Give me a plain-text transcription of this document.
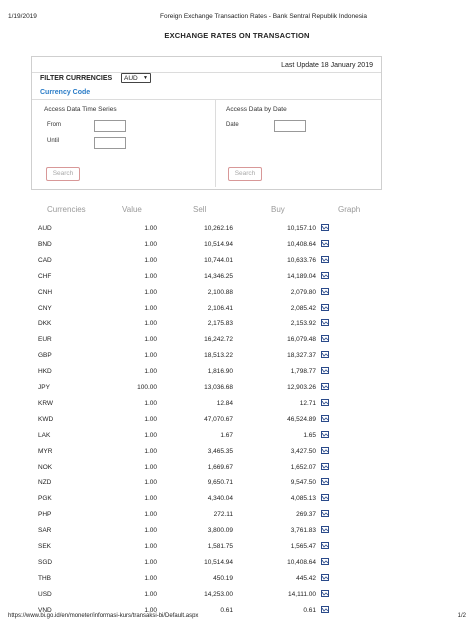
1/19/2019	Foreign Exchange Transaction Rates - Bank Sentral Republik Indonesia
EXCHANGE RATES ON TRANSACTION
Last Update 18 January 2019
FILTER CURRENCIES	AUD ▼
Currency Code
Access Data Time Series
From
Until
Search
Access Data by Date
Date
Search
Currencies	Value	Sell	Buy	Graph
AUD	1.00	10,262.16	10,157.10
BND	1.00	10,514.94	10,408.64
CAD	1.00	10,744.01	10,633.76
CHF	1.00	14,346.25	14,189.04
CNH	1.00	2,100.88	2,079.80
CNY	1.00	2,106.41	2,085.42
DKK	1.00	2,175.83	2,153.92
EUR	1.00	16,242.72	16,079.48
GBP	1.00	18,513.22	18,327.37
HKD	1.00	1,816.90	1,798.77
JPY	100.00	13,036.68	12,903.26
KRW	1.00	12.84	12.71
KWD	1.00	47,070.67	46,524.89
LAK	1.00	1.67	1.65
MYR	1.00	3,465.35	3,427.50
NOK	1.00	1,669.67	1,652.07
NZD	1.00	9,650.71	9,547.50
PGK	1.00	4,340.04	4,085.13
PHP	1.00	272.11	269.37
SAR	1.00	3,800.09	3,761.83
SEK	1.00	1,581.75	1,565.47
SGD	1.00	10,514.94	10,408.64
THB	1.00	450.19	445.42
USD	1.00	14,253.00	14,111.00
VND	1.00	0.61	0.61
https://www.bi.go.id/en/moneter/informasi-kurs/transaksi-bi/Default.aspx	1/2
